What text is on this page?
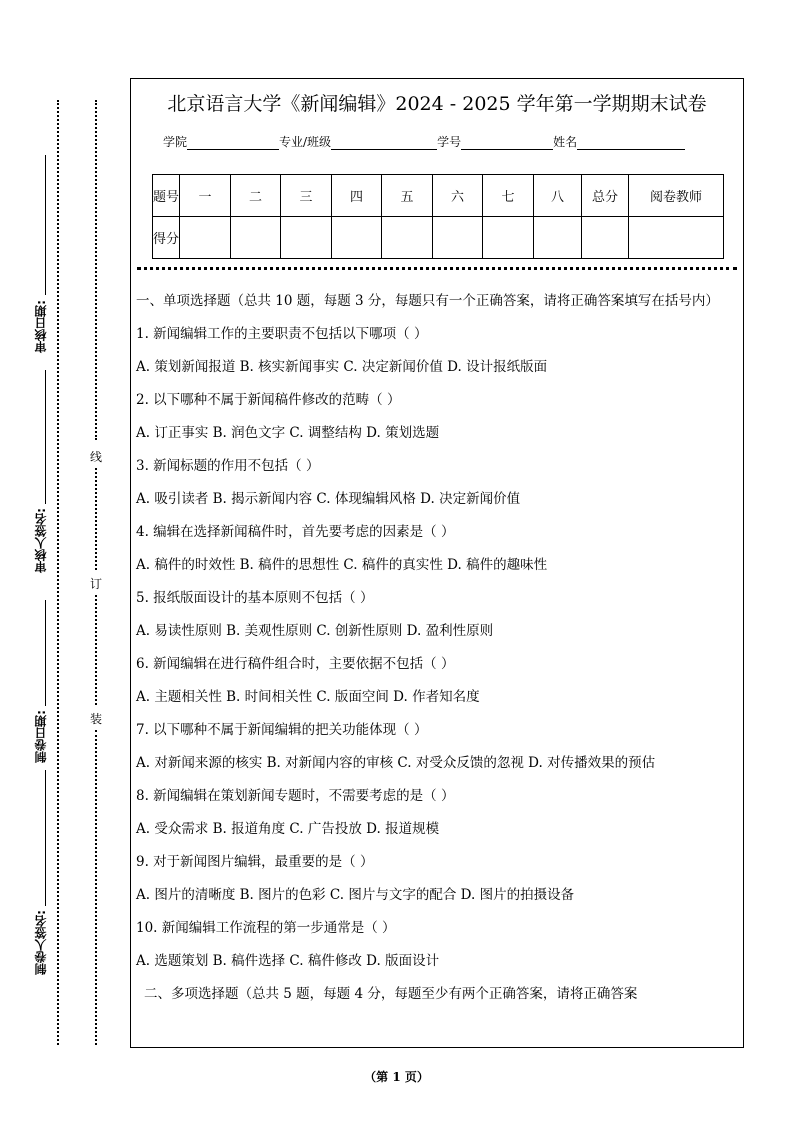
审核日期:
审核人签名:
制卷日期:
制卷人签名:
线
订
装
北京语言大学《新闻编辑》2024 - 2025 学年第一学期期末试卷
学院	专业/班级	学号	姓名
题号	一	二	三	四	五	六	七	八	总分	阅卷教师
得分										

一、单项选择题（总共 10 题，每题 3 分，每题只有一个正确答案，请将正确答案填写在括号内）

1. 新闻编辑工作的主要职责不包括以下哪项（ ）

A. 策划新闻报道 B. 核实新闻事实 C. 决定新闻价值 D. 设计报纸版面

2. 以下哪种不属于新闻稿件修改的范畴（ ）

A. 订正事实 B. 润色文字 C. 调整结构 D. 策划选题

3. 新闻标题的作用不包括（ ）

A. 吸引读者 B. 揭示新闻内容 C. 体现编辑风格 D. 决定新闻价值

4. 编辑在选择新闻稿件时，首先要考虑的因素是（ ）

A. 稿件的时效性 B. 稿件的思想性 C. 稿件的真实性 D. 稿件的趣味性

5. 报纸版面设计的基本原则不包括（ ）

A. 易读性原则 B. 美观性原则 C. 创新性原则 D. 盈利性原则

6. 新闻编辑在进行稿件组合时，主要依据不包括（ ）

A. 主题相关性 B. 时间相关性 C. 版面空间 D. 作者知名度

7. 以下哪种不属于新闻编辑的把关功能体现（ ）

A. 对新闻来源的核实 B. 对新闻内容的审核 C. 对受众反馈的忽视 D. 对传播效果的预估

8. 新闻编辑在策划新闻专题时，不需要考虑的是（ ）

A. 受众需求 B. 报道角度 C. 广告投放 D. 报道规模

9. 对于新闻图片编辑，最重要的是（ ）

A. 图片的清晰度 B. 图片的色彩 C. 图片与文字的配合 D. 图片的拍摄设备

10. 新闻编辑工作流程的第一步通常是（ ）

A. 选题策划 B. 稿件选择 C. 稿件修改 D. 版面设计

二、多项选择题（总共 5 题，每题 4 分，每题至少有两个正确答案，请将正确答案

（第 1 页）
